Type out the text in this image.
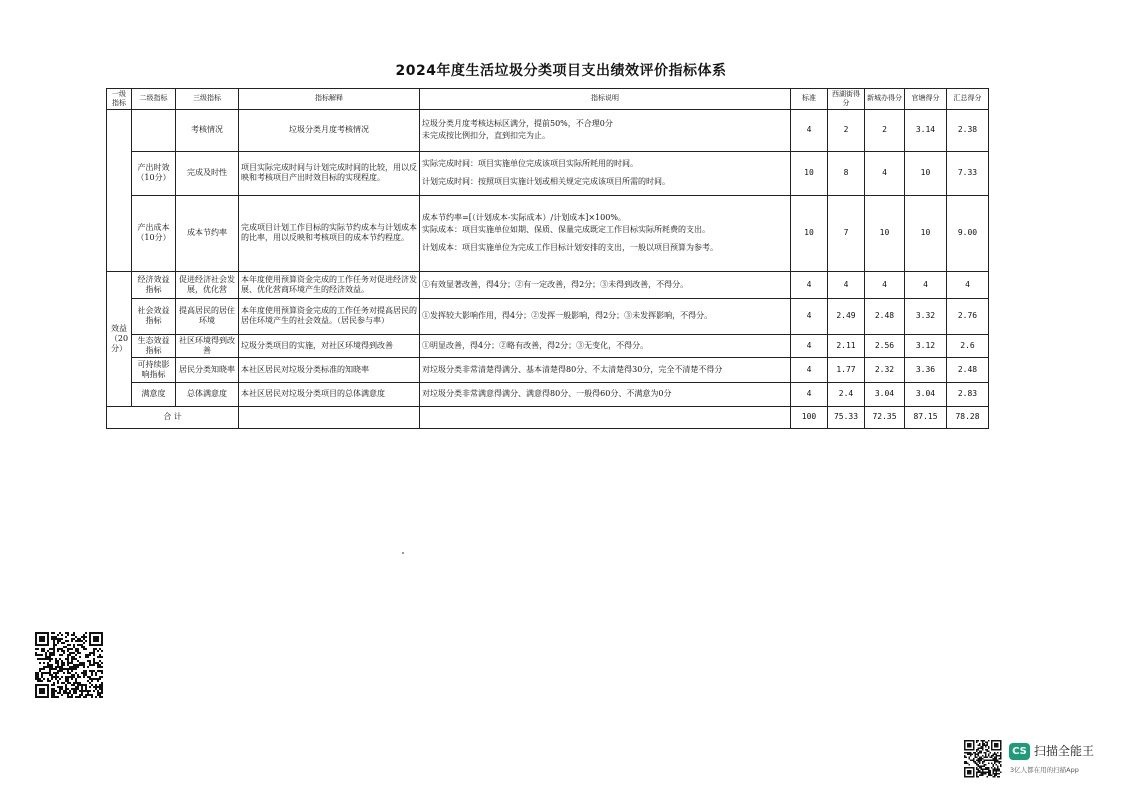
2024年度生活垃圾分类项目支出绩效评价指标体系
一级指标	二级指标	三级指标	指标解释	指标说明	标准	西湖街得分	新城办得分	官塘得分	汇总得分
		考核情况	垃圾分类月度考核情况	垃圾分类月度考核达标区满分，提前50%，不合理0分
未完成按比例扣分，直到扣完为止。	4	2	2	3.14	2.38
	产出时效（10分）	完成及时性	项目实际完成时间与计划完成时间的比较，用以反映和考核项目产出时效目标的实现程度。	实际完成时间：项目实施单位完成该项目实际所耗用的时间。
计划完成时间：按照项目实施计划或相关规定完成该项目所需的时间。	10	8	4	10	7.33
	产出成本（10分）	成本节约率	完成项目计划工作目标的实际节约成本与计划成本的比率，用以反映和考核项目的成本节约程度。	成本节约率=[（计划成本-实际成本）/计划成本]×100%。
实际成本：项目实施单位如期、保质、保量完成既定工作目标实际所耗费的支出。
计划成本：项目实施单位为完成工作目标计划安排的支出，一般以项目预算为参考。	10	7	10	10	9.00
效益（20分）	经济效益指标	促进经济社会发展，优化营	本年度使用预算资金完成的工作任务对促进经济发展、优化营商环境产生的经济效益。	①有效显著改善，得4分；②有一定改善，得2分；③未得到改善，不得分。	4	4	4	4	4
	社会效益指标	提高居民的居住环境	本年度使用预算资金完成的工作任务对提高居民的居住环境产生的社会效益。（居民参与率）	①发挥较大影响作用，得4分；②发挥一般影响，得2分；③未发挥影响，不得分。	4	2.49	2.48	3.32	2.76
	生态效益指标	社区环境得到改善	垃圾分类项目的实施，对社区环境得到改善	①明显改善，得4分；②略有改善，得2分；③无变化，不得分。	4	2.11	2.56	3.12	2.6
	可持续影响指标	居民分类知晓率	本社区居民对垃圾分类标准的知晓率	对垃圾分类非常清楚得满分、基本清楚得80分、不太清楚得30分，完全不清楚不得分	4	1.77	2.32	3.36	2.48
	满意度	总体满意度	本社区居民对垃圾分类项目的总体满意度	对垃圾分类非常满意得满分、满意得80分、一般得60分、不满意为0分	4	2.4	3.04	3.04	2.83
合 计					100	75.33	72.35	87.15	78.28
CS 扫描全能王
3亿人都在用的扫描App
